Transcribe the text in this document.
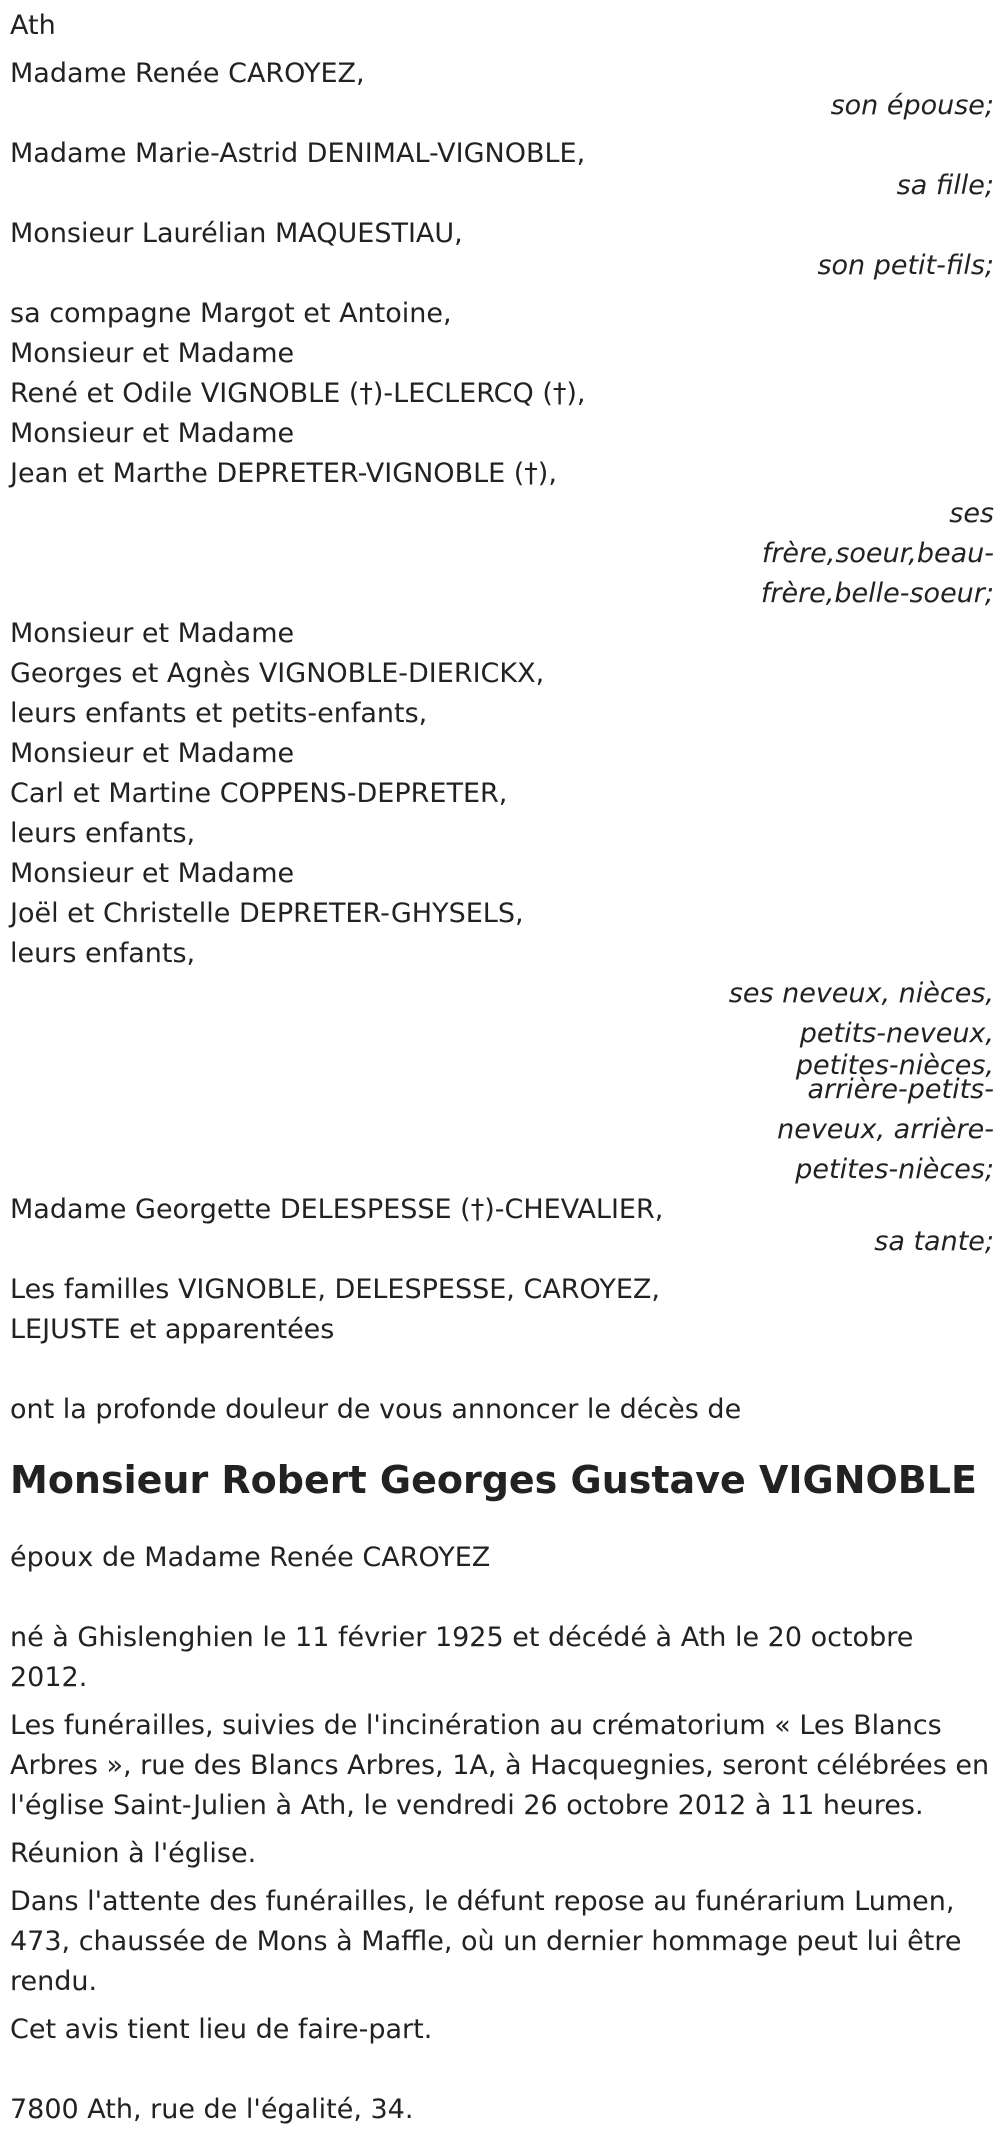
Ath
Madame Renée CAROYEZ,
son épouse;
Madame Marie-Astrid DENIMAL-VIGNOBLE,
sa fille;
Monsieur Laurélian MAQUESTIAU,
son petit-fils;
sa compagne Margot et Antoine,
Monsieur et Madame
René et Odile VIGNOBLE (†)-LECLERCQ (†),
Monsieur et Madame
Jean et Marthe DEPRETER-VIGNOBLE (†),
ses
frère,soeur,beau-
frère,belle-soeur;
Monsieur et Madame
Georges et Agnès VIGNOBLE-DIERICKX,
leurs enfants et petits-enfants,
Monsieur et Madame
Carl et Martine COPPENS-DEPRETER,
leurs enfants,
Monsieur et Madame
Joël et Christelle DEPRETER-GHYSELS,
leurs enfants,
ses neveux, nièces,
petits-neveux,
petites-nièces,
arrière-petits-
neveux, arrière-
petites-nièces;
Madame Georgette DELESPESSE (†)-CHEVALIER,
sa tante;
Les familles VIGNOBLE, DELESPESSE, CAROYEZ,
LEJUSTE et apparentées

ont la profonde douleur de vous annoncer le décès de

Monsieur Robert Georges Gustave VIGNOBLE

époux de Madame Renée CAROYEZ

né à Ghislenghien le 11 février 1925 et décédé à Ath le 20 octobre 2012.

Les funérailles, suivies de l'incinération au crématorium « Les Blancs Arbres », rue des Blancs Arbres, 1A, à Hacquegnies, seront célébrées en l'église Saint-Julien à Ath, le vendredi 26 octobre 2012 à 11 heures.

Réunion à l'église.

Dans l'attente des funérailles, le défunt repose au funérarium Lumen, 473, chaussée de Mons à Maffle, où un dernier hommage peut lui être rendu.

Cet avis tient lieu de faire-part.

7800 Ath, rue de l'égalité, 34.
